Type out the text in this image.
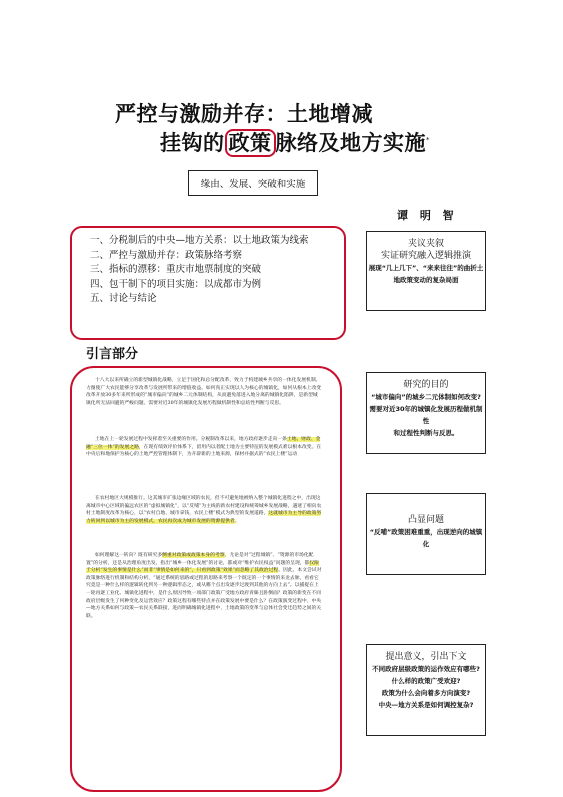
严控与激励并存：土地增减
挂钩的 政策 脉络及地方实施*
缘由、发展、突破和实施
谭 明 智
一、分税制后的中央—地方关系：以土地政策为线索
二、严控与激励并存：政策脉络考察
三、指标的漂移：重庆市地票制度的突破
四、包干制下的项目实施：以成都市为例
五、讨论与结论
夹议夹叙
实证研究融入逻辑推演
展现“几上几下”、“来来往往”的曲折土
地政策变动的复杂局面
研究的目的
“城市偏向”的城乡二元体制如何改变?
需要对近30年的城镇化发展历程做机制性
和过程性判断与反思。
凸显问题
“反哺”政策困难重重，出现逆向的城镇化
提出意义，引出下文
不同政府层级政策的运作效应有哪些?
什么样的政策广受欢迎?
政策为什么会向着多方向演变?
中央—地方关系是如何调控复杂?
引言部分
十八大以来所确立的新型城镇化战略，立足于国化和总分配改革，致力于构建城乡共享的一体化发展机制。力图使广大农民能够分享改革与发展所带来的增值收益。如何真正实现以人为核心的城镇化，如何从根本上改变改革开放30多年来所形成的“城市偏向”的城乡二元体制结构，从而避免落进入地分离的城镇化陷阱，是新型城镇化所无法回避的严峻问题。需要对近30年的城镇化发展历程做机制性和总结性判断与反思。
土地在上一轮发展过程中发挥着至关重要的作用。分税制改革以来，地方政府逐步走向一条土地、财政、金融“三位一体”的发展之路，在现有绩效评价体系下，留用内以者配土地为主要特征的发展模式难以根本改变。在中央后和地保护为核心的土地严控管理体制下，为开辟新的土地来源，探材并据式的“农民上楼”运动
在农村地区大规模推行。这其城市扩张边缘区域的农民，但不可避免地被纳入整个城镇化进程之中，出现这离城市中心区域的偏远农区的“虚拟城镇化”，以“反哺”为主线的新农村建设和统筹城乡发展战略，遇迷了相向农村土地制度改革为核心，以“农村自地、城市拿钱，农民上楼”模式为典型的发展道路，这就城市为主导的政策努力转回到以城市为主的发展模式，农民再次成为城市发展的资源提供者。
如何理解这一转向？既有研究多侧重对政策或政策本身的考察，尤论是对“过程城镇”、“资源的市场化配置”的分析，还是从治理角度出发，指出“城乡一体化发展”的讨论，都或对“维护农民权益”问题的呈现，都仅限于分析“发生的事情是什么”而非“事情是如何来的”，只看到政策“效果”而忽略了其政治过程。因此，本文尝试对政策脉络进行机制和结构分析，“通过系统的思路或过程的思路来考察一个既定的一个事情的来龙去脉，看看它究竟是一种什么样的逻辑转化到另一种逻辑形态之，或从哪个点出发逐步过渡到其他的方向上去”。以捕捉在上一轮再逐工业化、城镇化进程中，是什么原因导致一项部门政策广受地方政府青睐且卧倒面？政策的新变在不同政府层级发生了何种变化及运营效应？政策这程有哪些特点并在政策发展中要是什么？在政策演变过程中，中央—地方关系如何与政策—农民关系联接，进而明确城镇化进程中，土地政策的变革与总体社会变迁趋势之间的关联。
